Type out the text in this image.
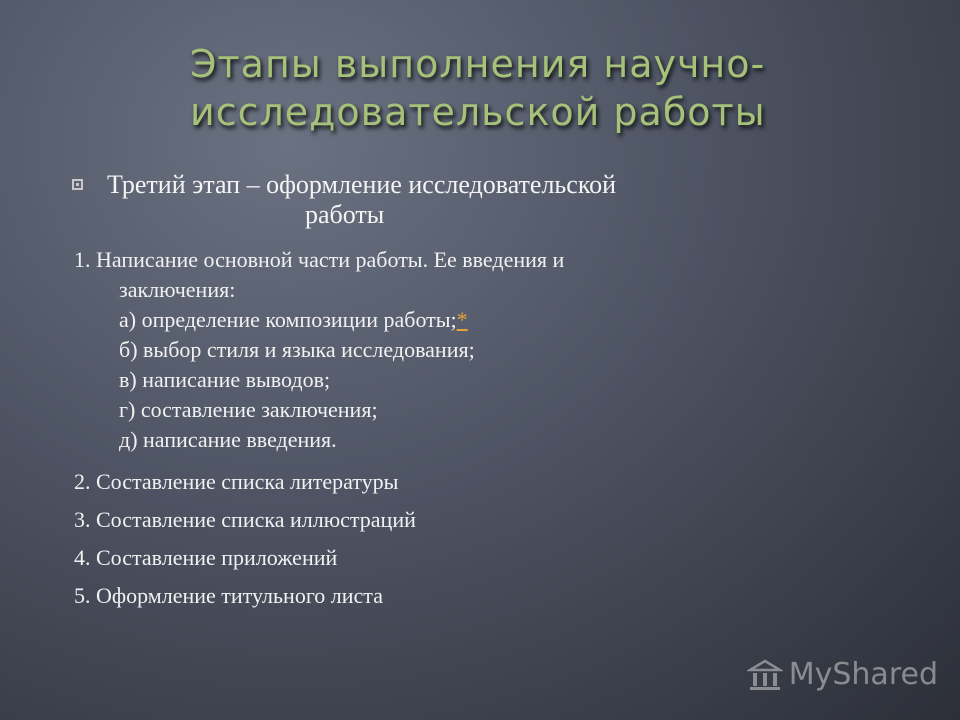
Этапы выполнения научно-
исследовательской работы
Третий этап – оформление исследовательской
работы
1. Написание основной части работы. Ее введения и
заключения:
а) определение композиции работы;*
б) выбор стиля и языка исследования;
в) написание выводов;
г) составление заключения;
д) написание введения.
2. Составление списка литературы
3. Составление списка иллюстраций
4. Составление приложений
5. Оформление титульного листа
MyShared
